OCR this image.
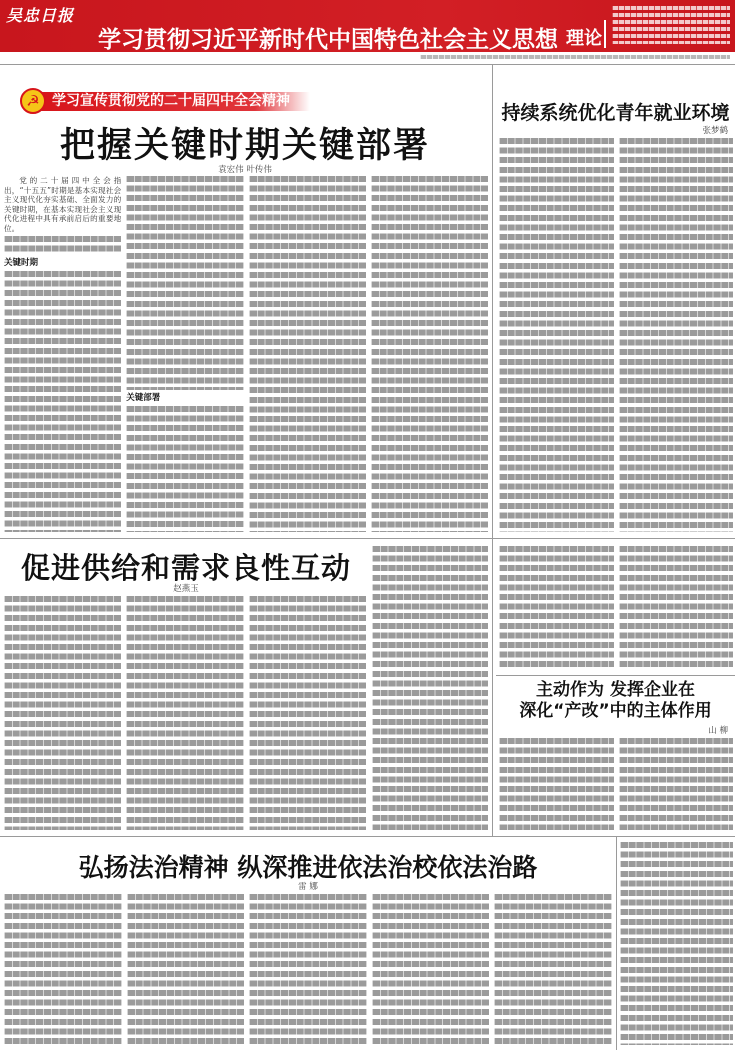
吴忠日报
学习贯彻习近平新时代中国特色社会主义思想 理论
学习宣传贯彻党的二十届四中全会精神
☭
把握关键时期关键部署
袁宏伟 叶传伟

党的二十届四中全会指出，“十五五”时期是基本实现社会主义现代化夯实基础、全面发力的关键时期，在基本实现社会主义现代化进程中具有承前启后的重要地位。

关键时期
关键部署
持续系统优化青年就业环境
张梦鹤
促进供给和需求良性互动
赵燕玉
主动作为 发挥企业在
深化“产改”中的主体作用
山 柳
弘扬法治精神 纵深推进依法治校依法治路
雷 娜
